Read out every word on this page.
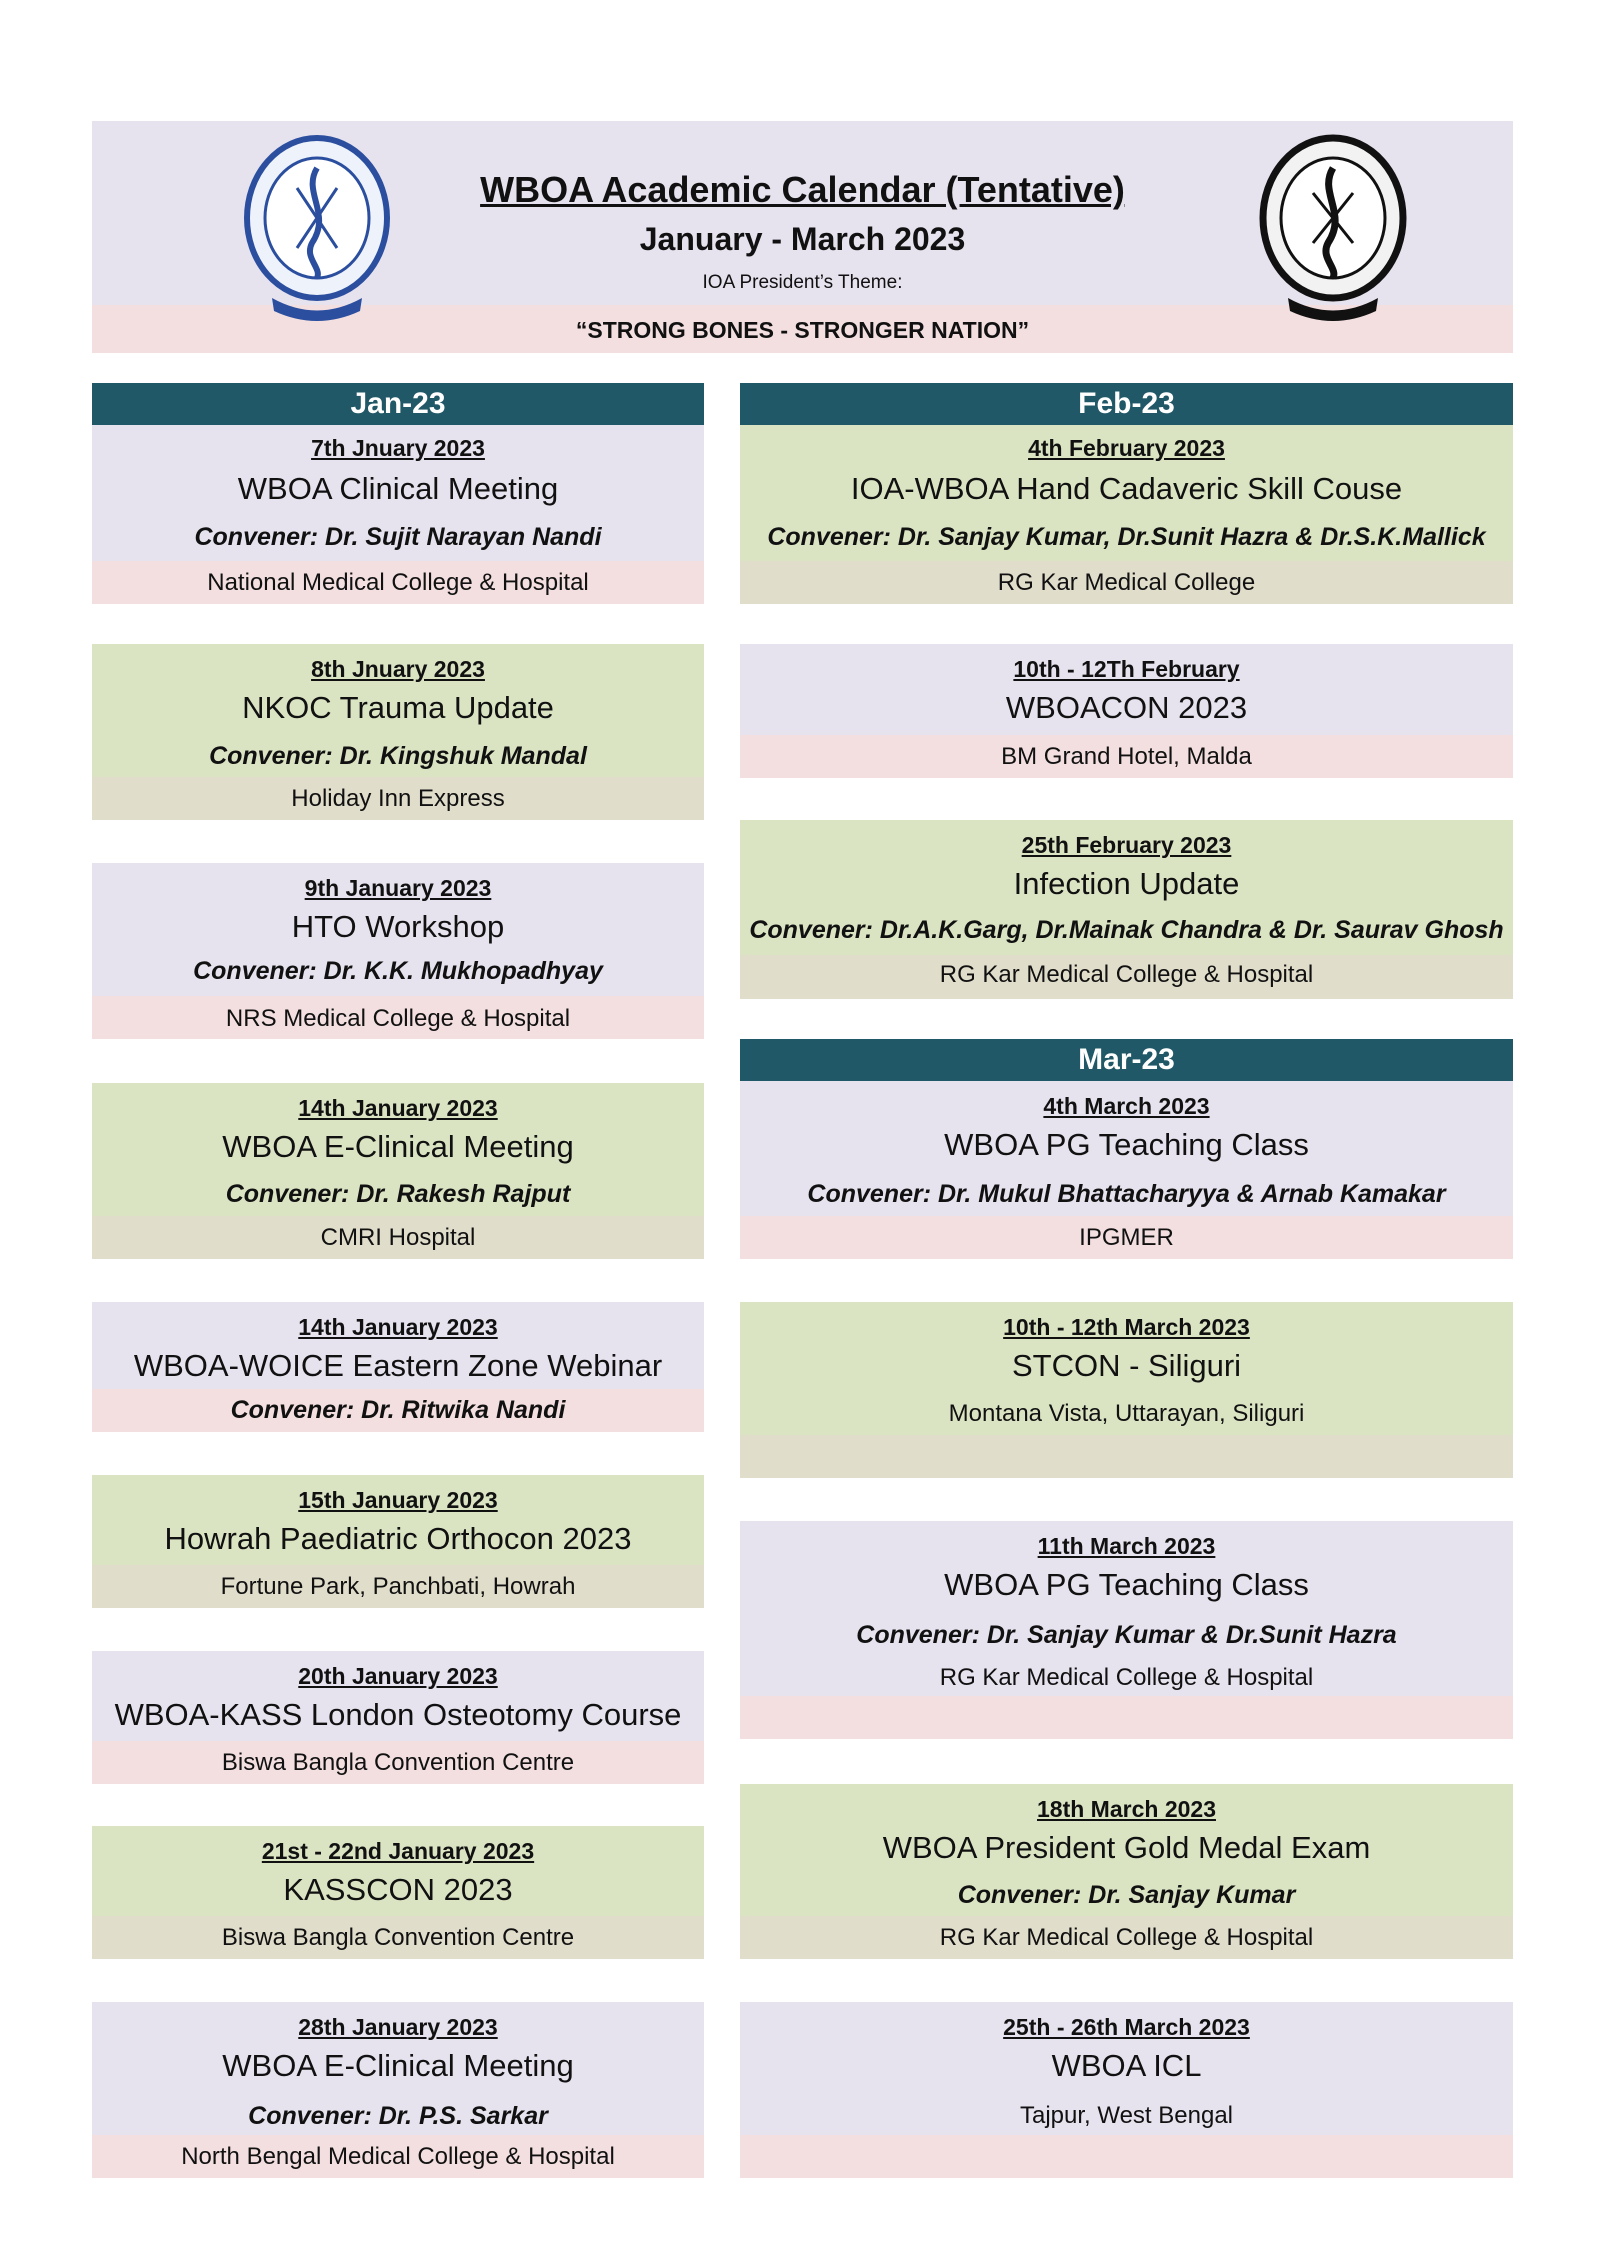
WBOA Academic Calendar (Tentative)
January - March 2023
IOA President’s Theme:
“STRONG BONES - STRONGER NATION”
Jan-23	Feb-23
Mar-23
7th Jnuary 2023
WBOA Clinical Meeting
Convener: Dr. Sujit Narayan Nandi
National Medical College & Hospital
8th Jnuary 2023
NKOC Trauma Update
Convener: Dr. Kingshuk Mandal
Holiday Inn Express
9th January 2023
HTO Workshop
Convener: Dr. K.K. Mukhopadhyay
NRS Medical College & Hospital
14th January 2023
WBOA E-Clinical Meeting
Convener: Dr. Rakesh Rajput
CMRI Hospital
14th January 2023
WBOA-WOICE Eastern Zone Webinar
Convener: Dr. Ritwika Nandi
15th January 2023
Howrah Paediatric Orthocon 2023
Fortune Park, Panchbati, Howrah
20th January 2023
WBOA-KASS London Osteotomy Course
Biswa Bangla Convention Centre
21st - 22nd January 2023
KASSCON 2023
Biswa Bangla Convention Centre
28th January 2023
WBOA E-Clinical Meeting
Convener: Dr. P.S. Sarkar
North Bengal Medical College & Hospital
4th February 2023
IOA-WBOA Hand Cadaveric Skill Couse
Convener: Dr. Sanjay Kumar, Dr.Sunit Hazra & Dr.S.K.Mallick
RG Kar Medical College
10th - 12Th February
WBOACON 2023
BM Grand Hotel, Malda
25th February 2023
Infection Update
Convener: Dr.A.K.Garg, Dr.Mainak Chandra & Dr. Saurav Ghosh
RG Kar Medical College & Hospital
4th March 2023
WBOA PG Teaching Class
Convener: Dr. Mukul Bhattacharyya & Arnab Kamakar
IPGMER
10th - 12th March 2023
STCON - Siliguri
Montana Vista, Uttarayan, Siliguri
11th March 2023
WBOA PG Teaching Class
Convener: Dr. Sanjay Kumar & Dr.Sunit Hazra
RG Kar Medical College & Hospital
18th March 2023
WBOA President Gold Medal Exam
Convener: Dr. Sanjay Kumar
RG Kar Medical College & Hospital
25th - 26th March 2023
WBOA ICL
Tajpur, West Bengal
